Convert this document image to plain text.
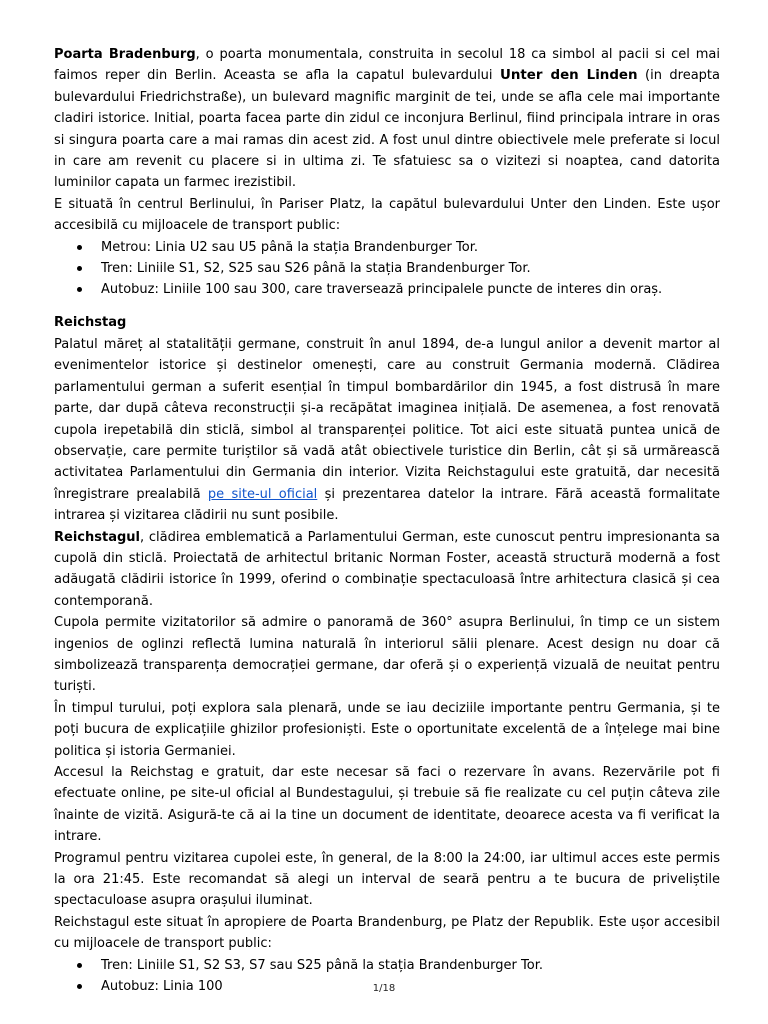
Poarta Bradenburg, o poarta monumentala, construita in secolul 18 ca simbol al pacii si cel mai faimos reper din Berlin. Aceasta se afla la capatul bulevardului Unter den Linden (in dreapta bulevardului Friedrichstraße), un bulevard magnific marginit de tei, unde se afla cele mai importante cladiri istorice. Initial, poarta facea parte din zidul ce inconjura Berlinul, fiind principala intrare in oras si singura poarta care a mai ramas din acest zid. A fost unul dintre obiectivele mele preferate si locul in care am revenit cu placere si in ultima zi. Te sfatuiesc sa o vizitezi si noaptea, cand datorita luminilor capata un farmec irezistibil.

E situată în centrul Berlinului, în Pariser Platz, la capătul bulevardului Unter den Linden. Este ușor accesibilă cu mijloacele de transport public:

Metrou: Linia U2 sau U5 până la stația Brandenburger Tor.
Tren: Liniile S1, S2, S25 sau S26 până la stația Brandenburger Tor.
Autobuz: Liniile 100 sau 300, care traversează principalele puncte de interes din oraș.

Reichstag

Palatul măreț al statalității germane, construit în anul 1894, de-a lungul anilor a devenit martor al evenimentelor istorice și destinelor omenești, care au construit Germania modernă. Clădirea parlamentului german a suferit esențial în timpul bombardărilor din 1945, a fost distrusă în mare parte, dar după câteva reconstrucții și-a recăpătat imaginea inițială. De asemenea, a fost renovată cupola irepetabilă din sticlă, simbol al transparenței politice. Tot aici este situată puntea unică de observație, care permite turiștilor să vadă atât obiectivele turistice din Berlin, cât și să urmărească activitatea Parlamentului din Germania din interior. Vizita Reichstagului este gratuită, dar necesită înregistrare prealabilă pe site-ul oficial și prezentarea datelor la intrare. Fără această formalitate intrarea și vizitarea clădirii nu sunt posibile.

Reichstagul, clădirea emblematică a Parlamentului German, este cunoscut pentru impresionanta sa cupolă din sticlă. Proiectată de arhitectul britanic Norman Foster, această structură modernă a fost adăugată clădirii istorice în 1999, oferind o combinație spectaculoasă între arhitectura clasică și cea contemporană.

Cupola permite vizitatorilor să admire o panoramă de 360° asupra Berlinului, în timp ce un sistem ingenios de oglinzi reflectă lumina naturală în interiorul sălii plenare. Acest design nu doar că simbolizează transparența democrației germane, dar oferă și o experiență vizuală de neuitat pentru turiști.

În timpul turului, poți explora sala plenară, unde se iau deciziile importante pentru Germania, și te poți bucura de explicațiile ghizilor profesioniști. Este o oportunitate excelentă de a înțelege mai bine politica și istoria Germaniei.

Accesul la Reichstag e gratuit, dar este necesar să faci o rezervare în avans. Rezervările pot fi efectuate online, pe site-ul oficial al Bundestagului, și trebuie să fie realizate cu cel puțin câteva zile înainte de vizită. Asigură-te că ai la tine un document de identitate, deoarece acesta va fi verificat la intrare.

Programul pentru vizitarea cupolei este, în general, de la 8:00 la 24:00, iar ultimul acces este permis la ora 21:45. Este recomandat să alegi un interval de seară pentru a te bucura de priveliștile spectaculoase asupra orașului iluminat.

Reichstagul este situat în apropiere de Poarta Brandenburg, pe Platz der Republik. Este ușor accesibil cu mijloacele de transport public:

Tren: Liniile S1, S2 S3, S7 sau S25 până la stația Brandenburger Tor.
Autobuz: Linia 100	1/18
